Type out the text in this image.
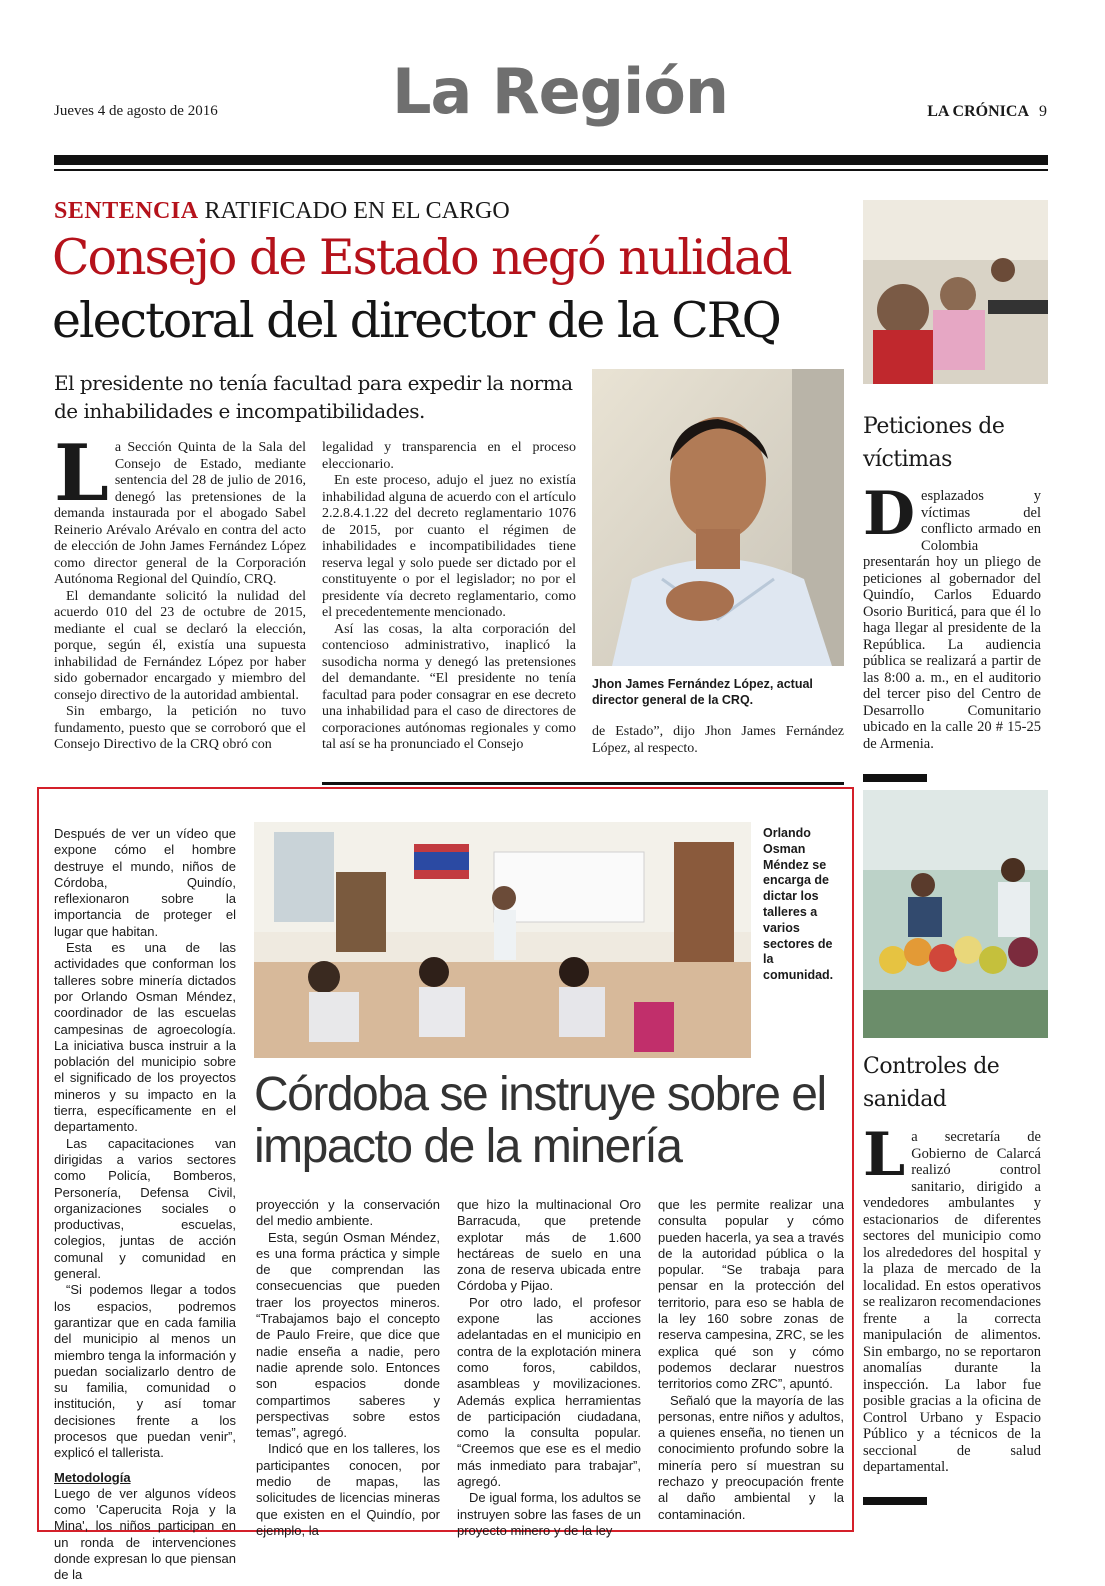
Jueves 4 de agosto de 2016	La Región	LA CRÓNICA 9
SENTENCIA RATIFICADO EN EL CARGO
Consejo de Estado negó nulidad
electoral del director de la CRQ
El presidente no tenía facultad para expedir la norma de inhabilidades e incompatibilidades.

La Sección Quinta de la Sala del Consejo de Estado, mediante sentencia del 28 de julio de 2016, denegó las pretensiones de la demanda instaurada por el abogado Sabel Reinerio Arévalo Arévalo en contra del acto de elección de John James Fernández López como director general de la Corporación Autónoma Regional del Quindío, CRQ.

El demandante solicitó la nulidad del acuerdo 010 del 23 de octubre de 2015, mediante el cual se declaró la elección, porque, según él, existía una supuesta inhabilidad de Fernández López por haber sido gobernador encargado y miembro del consejo directivo de la autoridad ambiental.

Sin embargo, la petición no tuvo fundamento, puesto que se corroboró que el Consejo Directivo de la CRQ obró con

legalidad y transparencia en el proceso eleccionario.

En este proceso, adujo el juez no existía inhabilidad alguna de acuerdo con el artículo 2.2.8.4.1.22 del decreto reglamentario 1076 de 2015, por cuanto el régimen de inhabilidades e incompatibilidades tiene reserva legal y solo puede ser dictado por el constituyente o por el legislador; no por el presidente vía decreto reglamentario, como el precedentemente mencionado.

Así las cosas, la alta corporación del contencioso administrativo, inaplicó la susodicha norma y denegó las pretensiones del demandante. “El presidente no tenía facultad para poder consagrar en ese decreto una inhabilidad para el caso de directores de corporaciones autónomas regionales y como tal así se ha pronunciado el Consejo

Jhon James Fernández López, actual director general de la CRQ.

de Estado”, dijo Jhon James Fernández López, al respecto.

Peticiones de víctimas

Desplazados y víctimas del conflicto armado en Colombia presentarán hoy un pliego de peticiones al gobernador del Quindío, Carlos Eduardo Osorio Buriticá, para que él lo haga llegar al presidente de la República. La audiencia pública se realizará a partir de las 8:00 a. m., en el auditorio del tercer piso del Centro de Desarrollo Comunitario ubicado en la calle 20 # 15-25 de Armenia.

Controles de sanidad

La secretaría de Gobierno de Calarcá realizó control sanitario, dirigido a vendedores ambulantes y estacionarios de diferentes sectores del municipio como los alrededores del hospital y la plaza de mercado de la localidad. En estos operativos se realizaron recomendaciones frente a la correcta manipulación de alimentos. Sin embargo, no se reportaron anomalías durante la inspección. La labor fue posible gracias a la oficina de Control Urbano y Espacio Público y a técnicos de la seccional de salud departamental.

Orlando Osman Méndez se encarga de dictar los talleres a varios sectores de la comunidad.
Córdoba se instruye sobre el impacto de la minería

Después de ver un vídeo que expone cómo el hombre destruye el mundo, niños de Córdoba, Quindío, reflexionaron sobre la importancia de proteger el lugar que habitan.

Esta es una de las actividades que conforman los talleres sobre minería dictados por Orlando Osman Méndez, coordinador de las escuelas campesinas de agroecología. La iniciativa busca instruir a la población del municipio sobre el significado de los proyectos mineros y su impacto en la tierra, específicamente en el departamento.

Las capacitaciones van dirigidas a varios sectores como Policía, Bomberos, Personería, Defensa Civil, organizaciones sociales o productivas, escuelas, colegios, juntas de acción comunal y comunidad en general.

“Si podemos llegar a todos los espacios, podremos garantizar que en cada familia del municipio al menos un miembro tenga la información y puedan socializarlo dentro de su familia, comunidad o institución, y así tomar decisiones frente a los procesos que puedan venir”, explicó el tallerista.

Metodología

Luego de ver algunos vídeos como 'Caperucita Roja y la Mina', los niños participan en un ronda de intervenciones donde expresan lo que piensan de la

proyección y la conservación del medio ambiente.

Esta, según Osman Méndez, es una forma práctica y simple de que comprendan las consecuencias que pueden traer los proyectos mineros. “Trabajamos bajo el concepto de Paulo Freire, que dice que nadie enseña a nadie, pero nadie aprende solo. Entonces son espacios donde compartimos saberes y perspectivas sobre estos temas”, agregó.

Indicó que en los talleres, los participantes conocen, por medio de mapas, las solicitudes de licencias mineras que existen en el Quindío, por ejemplo, la

que hizo la multinacional Oro Barracuda, que pretende explotar más de 1.600 hectáreas de suelo en una zona de reserva ubicada entre Córdoba y Pijao.

Por otro lado, el profesor expone las acciones adelantadas en el municipio en contra de la explotación minera como foros, cabildos, asambleas y movilizaciones. Además explica herramientas de participación ciudadana, como la consulta popular. “Creemos que ese es el medio más inmediato para trabajar”, agregó.

De igual forma, los adultos se instruyen sobre las fases de un proyecto minero y de la ley

que les permite realizar una consulta popular y cómo pueden hacerla, ya sea a través de la autoridad pública o la popular. “Se trabaja para pensar en la protección del territorio, para eso se habla de la ley 160 sobre zonas de reserva campesina, ZRC, se les explica qué son y cómo podemos declarar nuestros territorios como ZRC”, apuntó.

Señaló que la mayoría de las personas, entre niños y adultos, a quienes enseña, no tienen un conocimiento profundo sobre la minería pero sí muestran su rechazo y preocupación frente al daño ambiental y la contaminación.
